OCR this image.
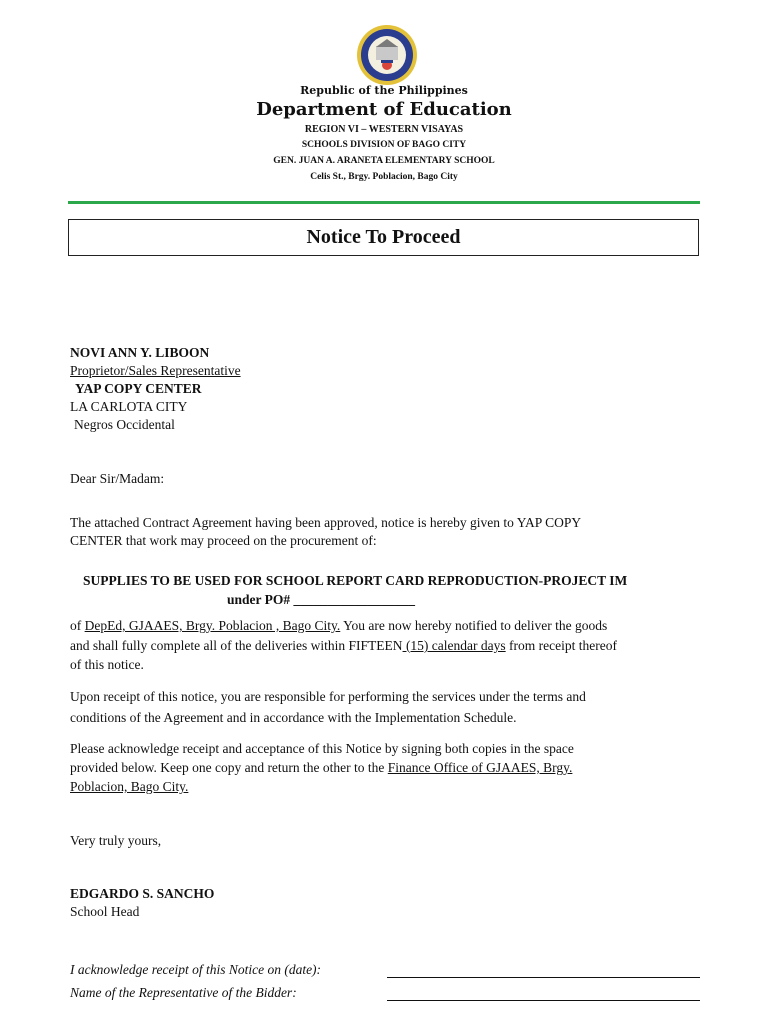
Republic of the Philippines
Department of Education
REGION VI – WESTERN VISAYAS
SCHOOLS DIVISION OF BAGO CITY
GEN. JUAN A. ARANETA ELEMENTARY SCHOOL
Celis St., Brgy. Poblacion, Bago City
Notice To Proceed
NOVI ANN Y. LIBOON
Proprietor/Sales Representative
YAP COPY CENTER
LA CARLOTA CITY
Negros Occidental
Dear Sir/Madam:
The attached Contract Agreement having been approved, notice is hereby given to YAP COPY
CENTER that work may proceed on the procurement of:
SUPPLIES TO BE USED FOR SCHOOL REPORT CARD REPRODUCTION-PROJECT IM
under PO# __________________
of DepEd, GJAAES, Brgy. Poblacion , Bago City. You are now hereby notified to deliver the goods
and shall fully complete all of the deliveries within FIFTEEN (15) calendar days from receipt thereof
of this notice.
Upon receipt of this notice, you are responsible for performing the services under the terms and
conditions of the Agreement and in accordance with the Implementation Schedule.
Please acknowledge receipt and acceptance of this Notice by signing both copies in the space
provided below. Keep one copy and return the other to the Finance Office of GJAAES, Brgy.
Poblacion, Bago City.
Very truly yours,
EDGARDO S. SANCHO
School Head
I acknowledge receipt of this Notice on (date):
Name of the Representative of the Bidder:
